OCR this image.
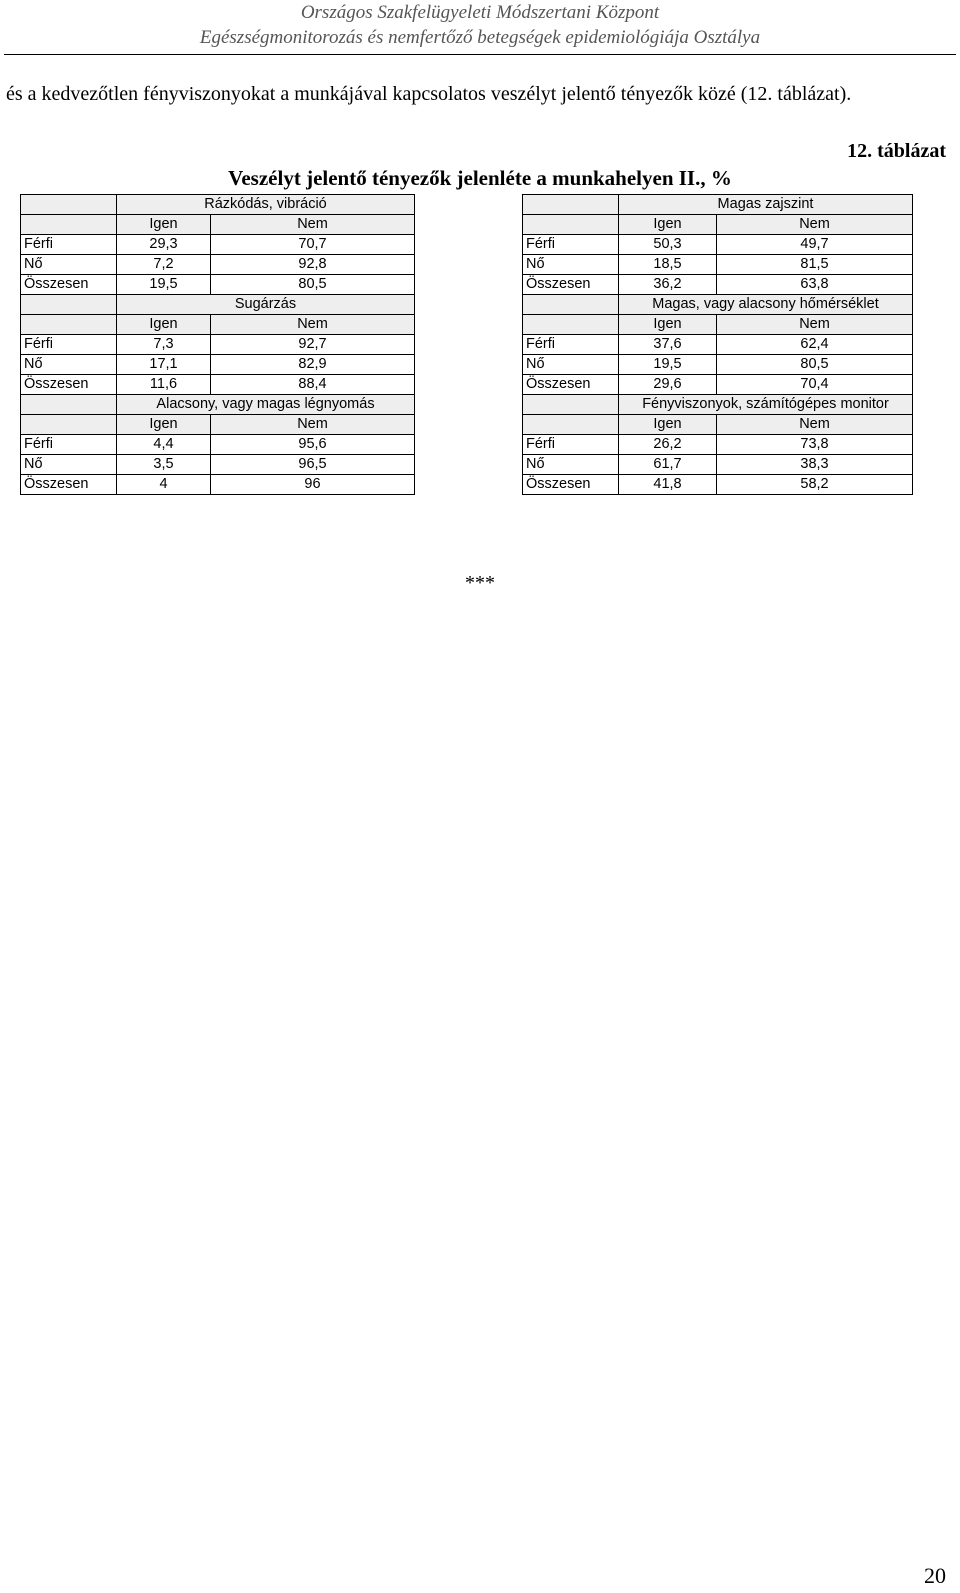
Országos Szakfelügyeleti Módszertani Központ
Egészségmonitorozás és nemfertőző betegségek epidemiológiája Osztálya
és a kedvezőtlen fényviszonyokat a munkájával kapcsolatos veszélyt jelentő tényezők közé (12. táblázat).
12. táblázat
Veszélyt jelentő tényezők jelenléte a munkahelyen II., %
	Rázkódás, vibráció	
	Igen	Nem
Férfi	29,3	70,7
Nő	7,2	92,8
Összesen	19,5	80,5
	Sugárzás	
	Igen	Nem
Férfi	7,3	92,7
Nő	17,1	82,9
Összesen	11,6	88,4
	Alacsony, vagy magas légnyomás	
	Igen	Nem
Férfi	4,4	95,6
Nő	3,5	96,5
Összesen	4	96
	Magas zajszint	
	Igen	Nem
Férfi	50,3	49,7
Nő	18,5	81,5
Összesen	36,2	63,8
	Magas, vagy alacsony hőmérséklet	
	Igen	Nem
Férfi	37,6	62,4
Nő	19,5	80,5
Összesen	29,6	70,4
	Fényviszonyok, számítógépes monitor	
	Igen	Nem
Férfi	26,2	73,8
Nő	61,7	38,3
Összesen	41,8	58,2
***
20
